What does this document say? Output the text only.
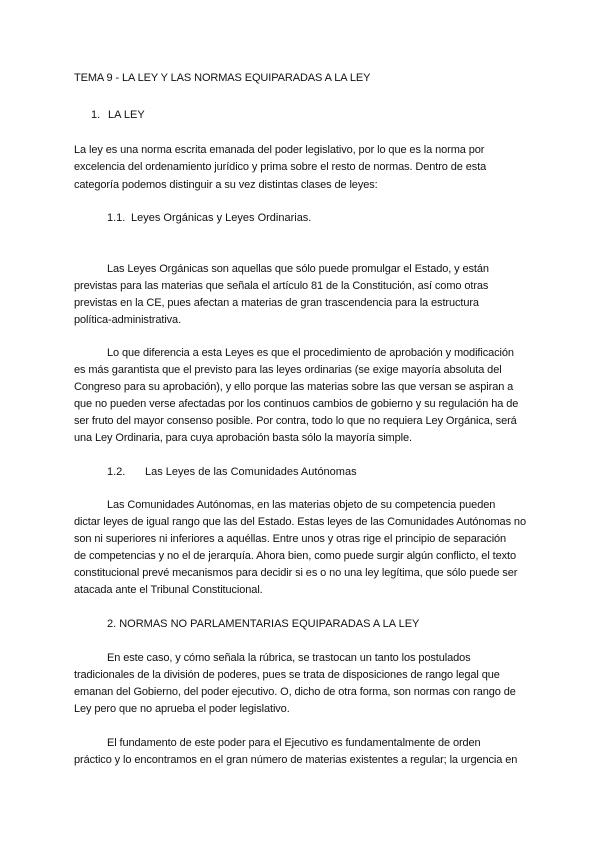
TEMA 9 - LA LEY Y LAS NORMAS EQUIPARADAS A LA LEY
1. LA LEY
La ley es una norma escrita emanada del poder legislativo, por lo que es la norma por
excelencia del ordenamiento jurídico y prima sobre el resto de normas. Dentro de esta
categoría podemos distinguir a su vez distintas clases de leyes:
1.1. Leyes Orgánicas y Leyes Ordinarias.
Las Leyes Orgánicas son aquellas que sólo puede promulgar el Estado, y están
previstas para las materias que señala el artículo 81 de la Constitución, así como otras
previstas en la CE, pues afectan a materias de gran trascendencia para la estructura
política-administrativa.
Lo que diferencia a esta Leyes es que el procedimiento de aprobación y modificación
es más garantista que el previsto para las leyes ordinarias (se exige mayoría absoluta del
Congreso para su aprobación), y ello porque las materias sobre las que versan se aspiran a
que no pueden verse afectadas por los continuos cambios de gobierno y su regulación ha de
ser fruto del mayor consenso posible. Por contra, todo lo que no requiera Ley Orgánica, será
una Ley Ordinaria, para cuya aprobación basta sólo la mayoría simple.
1.2. Las Leyes de las Comunidades Autónomas
Las Comunidades Autónomas, en las materias objeto de su competencia pueden
dictar leyes de igual rango que las del Estado. Estas leyes de las Comunidades Autónomas no
son ni superiores ni inferiores a aquéllas. Entre unos y otras rige el principio de separación
de competencias y no el de jerarquía. Ahora bien, como puede surgir algún conflicto, el texto
constitucional prevé mecanismos para decidir si es o no una ley legítima, que sólo puede ser
atacada ante el Tribunal Constitucional.
2. NORMAS NO PARLAMENTARIAS EQUIPARADAS A LA LEY
En este caso, y cómo señala la rúbrica, se trastocan un tanto los postulados
tradicionales de la división de poderes, pues se trata de disposiciones de rango legal que
emanan del Gobierno, del poder ejecutivo. O, dicho de otra forma, son normas con rango de
Ley pero que no aprueba el poder legislativo.
El fundamento de este poder para el Ejecutivo es fundamentalmente de orden
práctico y lo encontramos en el gran número de materias existentes a regular; la urgencia en
